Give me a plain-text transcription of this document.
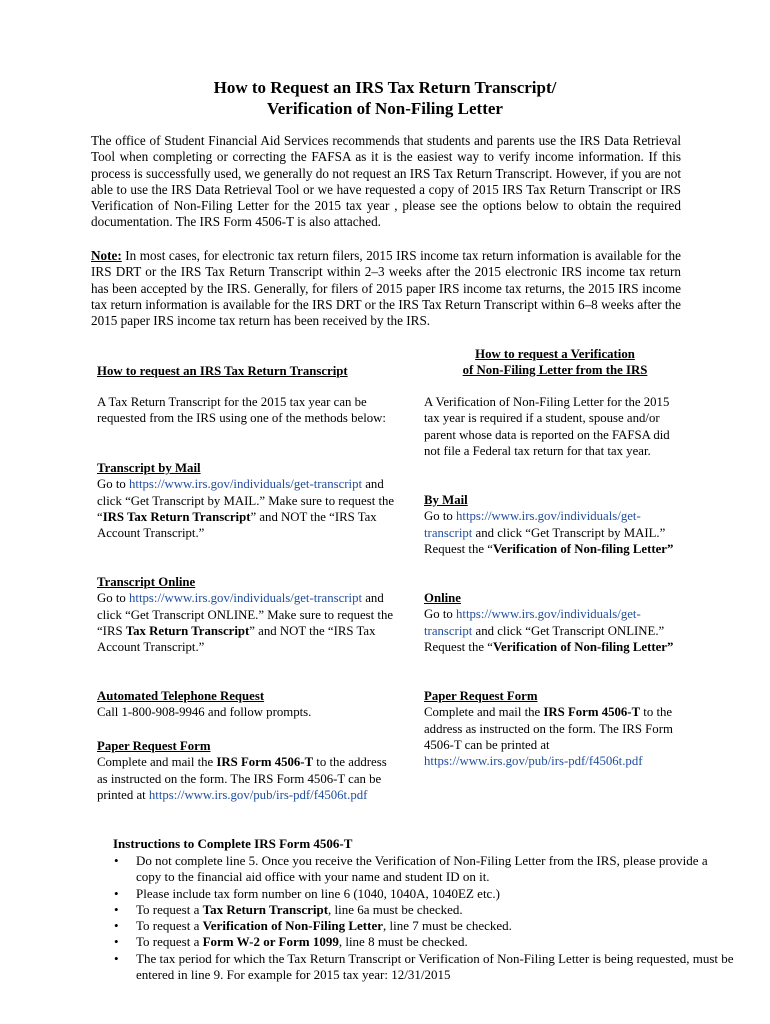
How to Request an IRS Tax Return Transcript/
Verification of Non-Filing Letter
The office of Student Financial Aid Services recommends that students and parents use the IRS Data Retrieval Tool when completing or correcting the FAFSA as it is the easiest way to verify income information. If this process is successfully used, we generally do not request an IRS Tax Return Transcript. However, if you are not able to use the IRS Data Retrieval Tool or we have requested a copy of 2015 IRS Tax Return Transcript or IRS Verification of Non-Filing Letter for the 2015 tax year , please see the options below to obtain the required documentation. The IRS Form 4506-T is also attached.
Note: In most cases, for electronic tax return filers, 2015 IRS income tax return information is available for the IRS DRT or the IRS Tax Return Transcript within 2–3 weeks after the 2015 electronic IRS income tax return has been accepted by the IRS. Generally, for filers of 2015 paper IRS income tax returns, the 2015 IRS income tax return information is available for the IRS DRT or the IRS Tax Return Transcript within 6–8 weeks after the 2015 paper IRS income tax return has been received by the IRS.
How to request an IRS Tax Return Transcript
A Tax Return Transcript for the 2015 tax year can be requested from the IRS using one of the methods below:
Transcript by Mail
Go to https://www.irs.gov/individuals/get-transcript and click “Get Transcript by MAIL.” Make sure to request the “IRS Tax Return Transcript” and NOT the “IRS Tax Account Transcript.”
Transcript Online
Go to https://www.irs.gov/individuals/get-transcript and click “Get Transcript ONLINE.” Make sure to request the “IRS Tax Return Transcript” and NOT the “IRS Tax Account Transcript.”
Automated Telephone Request
Call 1-800-908-9946 and follow prompts.
Paper Request Form
Complete and mail the IRS Form 4506-T to the address as instructed on the form. The IRS Form 4506-T can be printed at https://www.irs.gov/pub/irs-pdf/f4506t.pdf
How to request a Verification
of Non-Filing Letter from the IRS
A Verification of Non-Filing Letter for the 2015 tax year is required if a student, spouse and/or parent whose data is reported on the FAFSA did not file a Federal tax return for that tax year.
By Mail
Go to https://www.irs.gov/individuals/get-transcript and click “Get Transcript by MAIL.” Request the “Verification of Non-filing Letter”
Online
Go to https://www.irs.gov/individuals/get-transcript and click “Get Transcript ONLINE.” Request the “Verification of Non-filing Letter”
Paper Request Form
Complete and mail the IRS Form 4506-T to the address as instructed on the form. The IRS Form 4506-T can be printed at https://www.irs.gov/pub/irs-pdf/f4506t.pdf
Instructions to Complete IRS Form 4506-T
• Do not complete line 5. Once you receive the Verification of Non-Filing Letter from the IRS, please provide a copy to the financial aid office with your name and student ID on it.
• Please include tax form number on line 6 (1040, 1040A, 1040EZ etc.)
• To request a Tax Return Transcript, line 6a must be checked.
• To request a Verification of Non-Filing Letter, line 7 must be checked.
• To request a Form W-2 or Form 1099, line 8 must be checked.
• The tax period for which the Tax Return Transcript or Verification of Non-Filing Letter is being requested, must be entered in line 9. For example for 2015 tax year: 12/31/2015
